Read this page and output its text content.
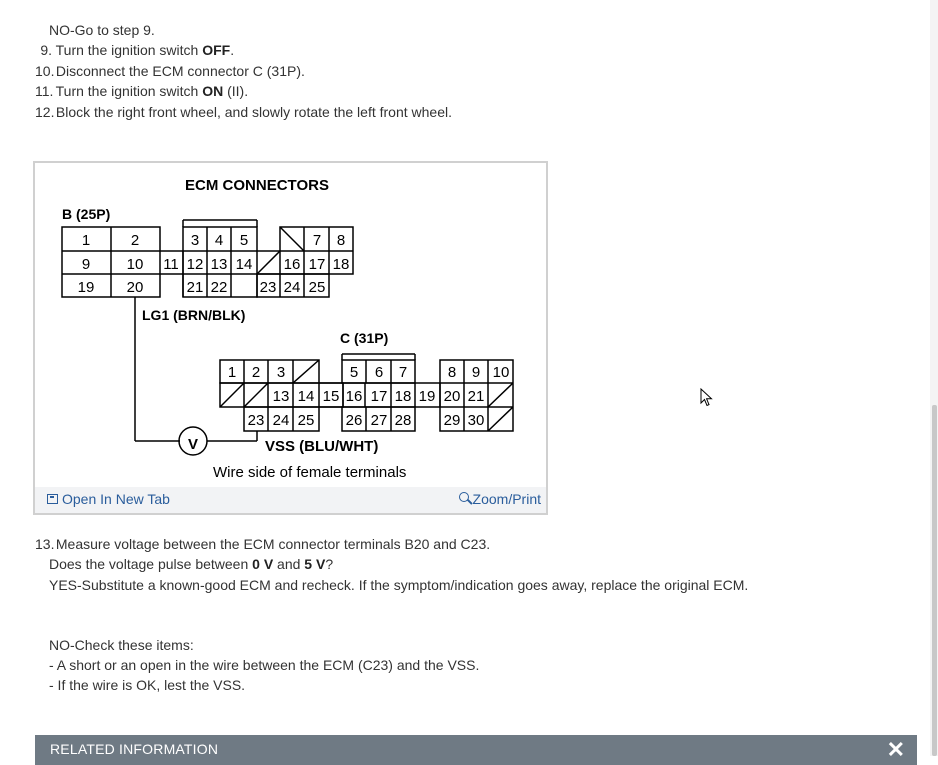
NO-Go to step 9.
9. Turn the ignition switch OFF.
10. Disconnect the ECM connector C (31P).
11. Turn the ignition switch ON (II).
12. Block the right front wheel, and slowly rotate the left front wheel.
ECM CONNECTORS
B (25P)
LG1 (BRN/BLK)
C (31P)
VSS (BLU/WHT)
Wire side of female terminals
V
1	2	3 4 5	7 8
9 10 11 12 13 14 16 17 18
19 20	21 22 23 24 25
1 2 3	5 6 7	8 9 10
13 14 15 16 17 18 19 20 21
23 24 25 26 27 28 29 30
Open In New Tab	Zoom/Print
13. Measure voltage between the ECM connector terminals B20 and C23.
Does the voltage pulse between 0 V and 5 V?
YES-Substitute a known-good ECM and recheck. If the symptom/indication goes away, replace the original ECM.
NO-Check these items:
- A short or an open in the wire between the ECM (C23) and the VSS.
- If the wire is OK, lest the VSS.
RELATED INFORMATION	✕
